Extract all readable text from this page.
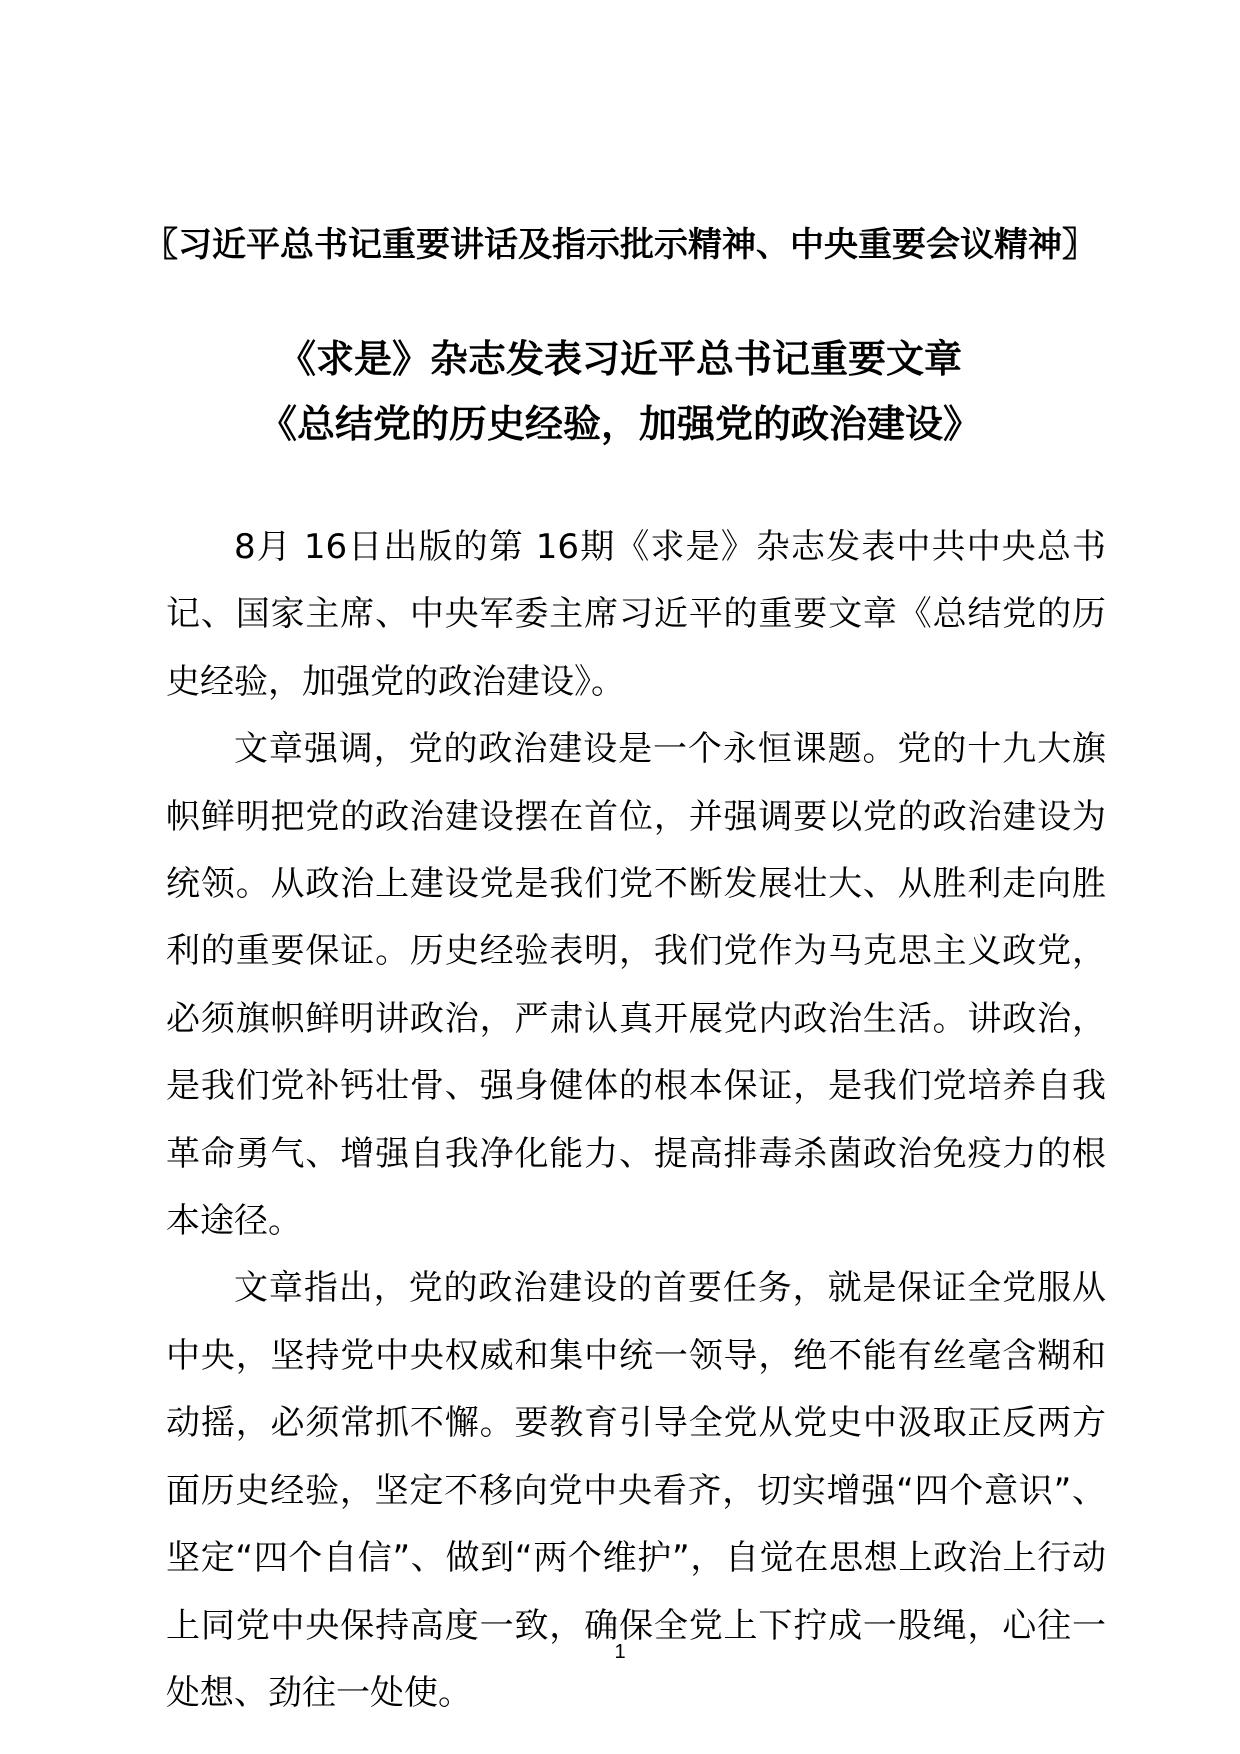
〖习近平总书记重要讲话及指示批示精神、中央重要会议精神〗
《求是》杂志发表习近平总书记重要文章
《总结党的历史经验，加强党的政治建设》

8月 16日出版的第 16期《求是》杂志发表中共中央总书记、国家主席、中央军委主席习近平的重要文章《总结党的历史经验，加强党的政治建设》。

文章强调，党的政治建设是一个永恒课题。党的十九大旗帜鲜明把党的政治建设摆在首位，并强调要以党的政治建设为统领。从政治上建设党是我们党不断发展壮大、从胜利走向胜利的重要保证。历史经验表明，我们党作为马克思主义政党，必须旗帜鲜明讲政治，严肃认真开展党内政治生活。讲政治，是我们党补钙壮骨、强身健体的根本保证，是我们党培养自我革命勇气、增强自我净化能力、提高排毒杀菌政治免疫力的根本途径。

文章指出，党的政治建设的首要任务，就是保证全党服从中央，坚持党中央权威和集中统一领导，绝不能有丝毫含糊和动摇，必须常抓不懈。要教育引导全党从党史中汲取正反两方面历史经验，坚定不移向党中央看齐，切实增强“四个意识”、坚定“四个自信”、做到“两个维护”，自觉在思想上政治上行动上同党中央保持高度一致，确保全党上下拧成一股绳，心往一处想、劲往一处使。

1
